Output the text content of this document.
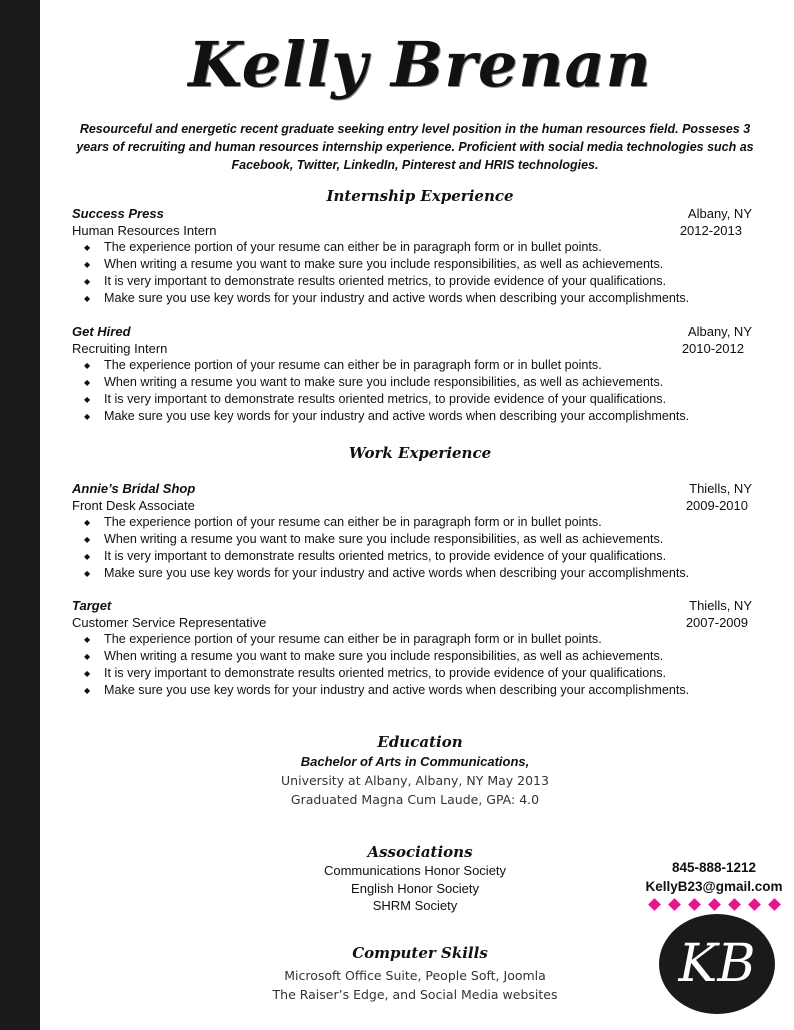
Kelly Brenan

Resourceful and energetic recent graduate seeking entry level position in the human resources field. Posseses 3 years of recruiting and human resources internship experience. Proficient with social media technologies such as Facebook, Twitter, LinkedIn, Pinterest and HRIS technologies.

Internship Experience
Success Press	Albany, NY
Human Resources Intern	2012-2013
◆ The experience portion of your resume can either be in paragraph form or in bullet points.
◆ When writing a resume you want to make sure you include responsibilities, as well as achievements.
◆ It is very important to demonstrate results oriented metrics, to provide evidence of your qualifications.
◆ Make sure you use key words for your industry and active words when describing your accomplishments.
Get Hired	Albany, NY
Recruiting Intern	2010-2012
◆ The experience portion of your resume can either be in paragraph form or in bullet points.
◆ When writing a resume you want to make sure you include responsibilities, as well as achievements.
◆ It is very important to demonstrate results oriented metrics, to provide evidence of your qualifications.
◆ Make sure you use key words for your industry and active words when describing your accomplishments.
Work Experience
Annie’s Bridal Shop	Thiells, NY
Front Desk Associate	2009-2010
◆ The experience portion of your resume can either be in paragraph form or in bullet points.
◆ When writing a resume you want to make sure you include responsibilities, as well as achievements.
◆ It is very important to demonstrate results oriented metrics, to provide evidence of your qualifications.
◆ Make sure you use key words for your industry and active words when describing your accomplishments.
Target	Thiells, NY
Customer Service Representative	2007-2009
◆ The experience portion of your resume can either be in paragraph form or in bullet points.
◆ When writing a resume you want to make sure you include responsibilities, as well as achievements.
◆ It is very important to demonstrate results oriented metrics, to provide evidence of your qualifications.
◆ Make sure you use key words for your industry and active words when describing your accomplishments.
Education
Bachelor of Arts in Communications,
University at Albany, Albany, NY May 2013
Graduated Magna Cum Laude, GPA: 4.0
Associations
Communications Honor Society
English Honor Society
SHRM Society
Computer Skills
Microsoft Office Suite, People Soft, Joomla
The Raiser’s Edge, and Social Media websites
845-888-1212
KellyB23@gmail.com
KB
